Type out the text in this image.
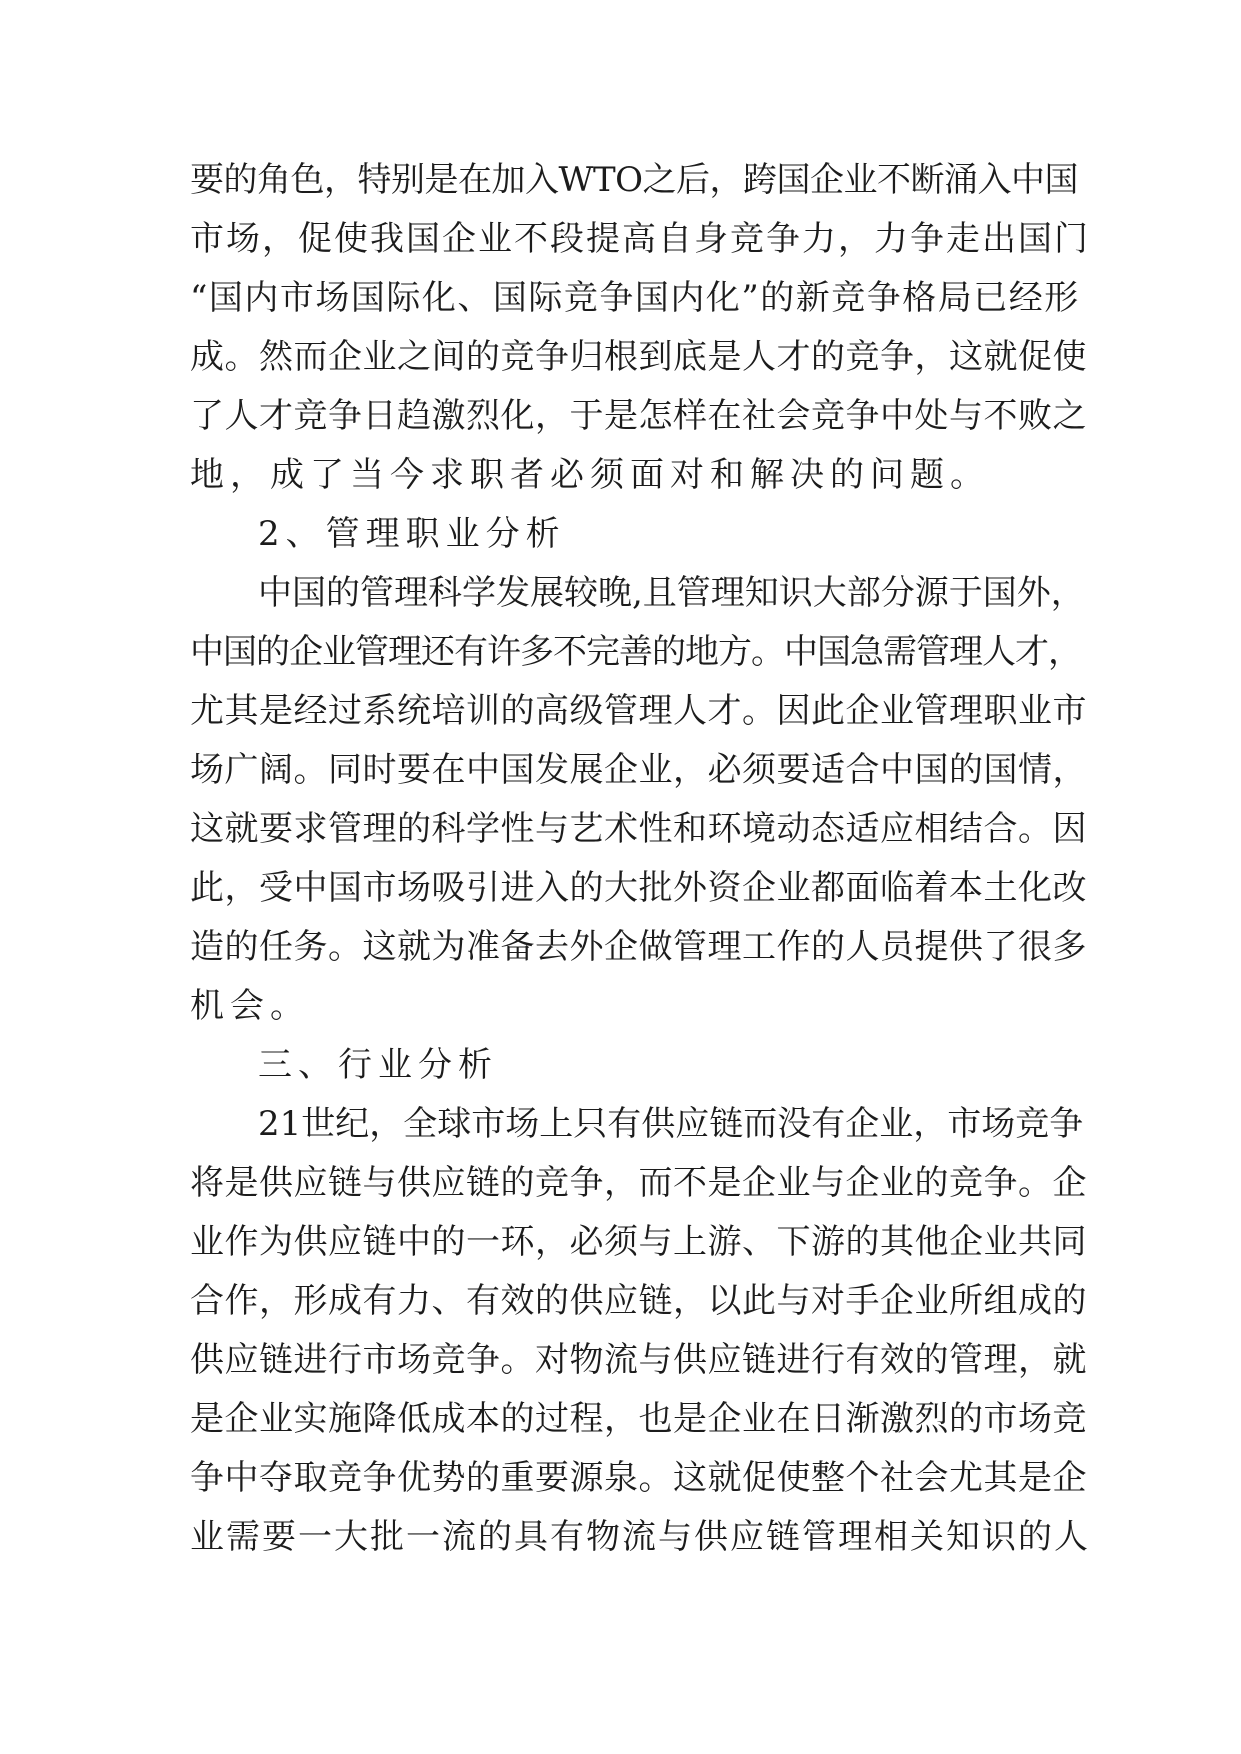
要的角色，特别是在加入WTO之后，跨国企业不断涌入中国
市场，促使我国企业不段提高自身竞争力，力争走出国门
“国内市场国际化、国际竞争国内化”的新竞争格局已经形
成。然而企业之间的竞争归根到底是人才的竞争，这就促使
了人才竞争日趋激烈化，于是怎样在社会竞争中处与不败之
地，成了当今求职者必须面对和解决的问题。
2、管理职业分析
中国的管理科学发展较晚,且管理知识大部分源于国外，
中国的企业管理还有许多不完善的地方。中国急需管理人才，
尤其是经过系统培训的高级管理人才。因此企业管理职业市
场广阔。同时要在中国发展企业，必须要适合中国的国情，
这就要求管理的科学性与艺术性和环境动态适应相结合。因
此，受中国市场吸引进入的大批外资企业都面临着本土化改
造的任务。这就为准备去外企做管理工作的人员提供了很多
机会。
三、行业分析
21世纪，全球市场上只有供应链而没有企业，市场竞争
将是供应链与供应链的竞争，而不是企业与企业的竞争。企
业作为供应链中的一环，必须与上游、下游的其他企业共同
合作，形成有力、有效的供应链，以此与对手企业所组成的
供应链进行市场竞争。对物流与供应链进行有效的管理，就
是企业实施降低成本的过程，也是企业在日渐激烈的市场竞
争中夺取竞争优势的重要源泉。这就促使整个社会尤其是企
业需要一大批一流的具有物流与供应链管理相关知识的人
